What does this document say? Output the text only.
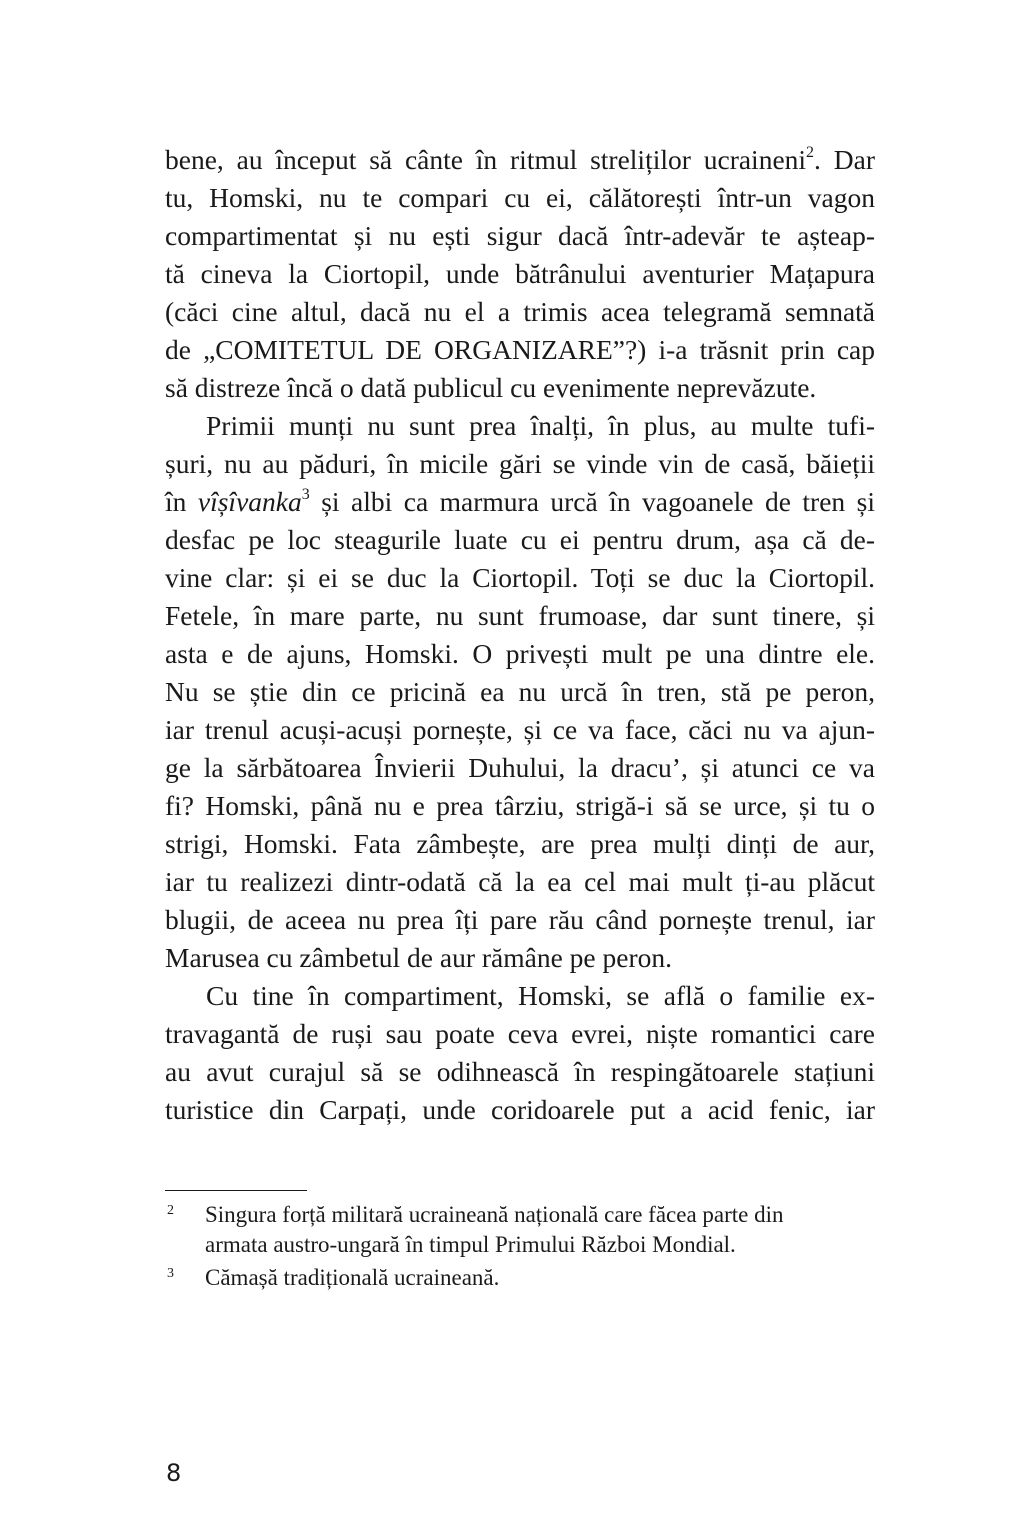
bene, au început să cânte în ritmul streliților ucraineni$^2$. Dar
tu, Homski, nu te compari cu ei, călătorești într-un vagon
compartimentat și nu ești sigur dacă într-adevăr te aștеap-
tă cineva la Ciortopil, unde bătrânului aventurier Mațapura
(căci cine altul, dacă nu el a trimis acea telegramă semnată
de „COMITETUL DE ORGANIZARE”?) i-a trăsnit prin cap
să distreze încă o dată publicul cu evenimente neprevăzute.
Primii munți nu sunt prea înalți, în plus, au multe tufi-
șuri, nu au păduri, în micile gări se vinde vin de casă, băieții
în vîșîvanka$^3$ și albi ca marmura urcă în vagoanele de tren și
desfac pe loc steagurile luate cu ei pentru drum, așa că de-
vine clar: și ei se duc la Ciortopil. Toți se duc la Ciortopil.
Fetele, în mare parte, nu sunt frumoase, dar sunt tinere, și
asta e de ajuns, Homski. O privești mult pe una dintre ele.
Nu se știe din ce pricină ea nu urcă în tren, stă pe peron,
iar trenul acuși-acuși pornește, și ce va face, căci nu va ajun-
ge la sărbătoarea Învierii Duhului, la dracu’, și atunci ce va
fi? Homski, până nu e prea târziu, strigă-i să se urce, și tu o
strigi, Homski. Fata zâmbește, are prea mulți dinți de aur,
iar tu realizezi dintr-odată că la ea cel mai mult ți-au plăcut
blugii, de aceea nu prea îți pare rău când pornește trenul, iar
Marusea cu zâmbetul de aur rămâne pe peron.
Cu tine în compartiment, Homski, se află o familie ex-
travagantă de ruși sau poate ceva evrei, niște romantici care
au avut curajul să se odihnească în respingătoarele stațiuni
turistice din Carpați, unde coridoarele put a acid fenic, iar
2 Singura forță militară ucraineană națională care făcea parte din
armata austro-ungară în timpul Primului Război Mondial.
3 Cămașă tradițională ucraineană.
8
